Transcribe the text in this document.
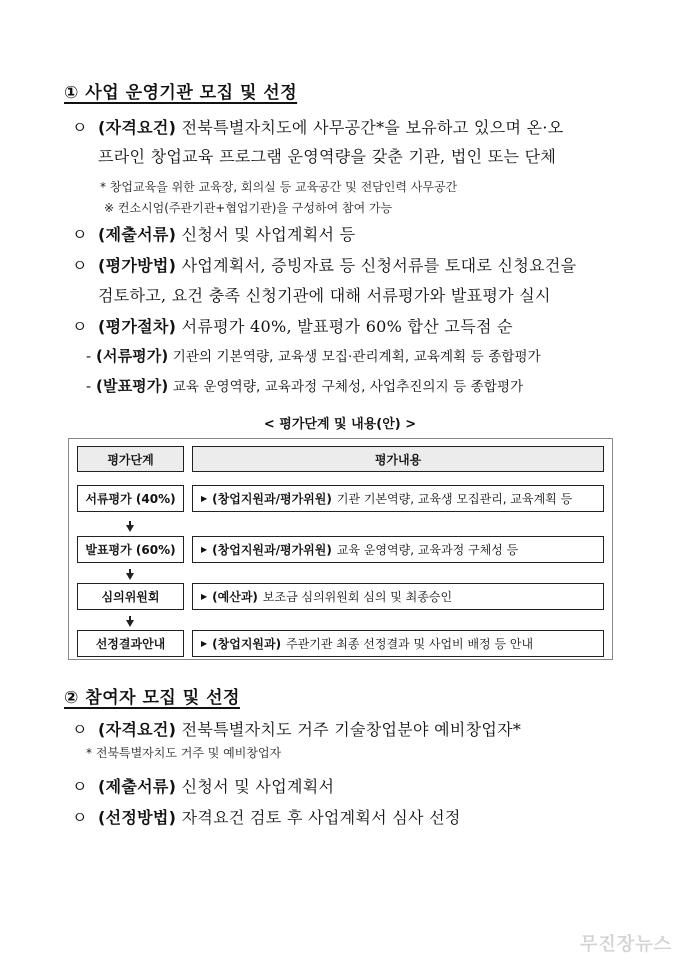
① 사업 운영기관 모집 및 선정
ㅇ (자격요건) 전북특별자치도에 사무공간*을 보유하고 있으며 온·오
프라인 창업교육 프로그램 운영역량을 갖춘 기관, 법인 또는 단체
* 창업교육을 위한 교육장, 회의실 등 교육공간 및 전담인력 사무공간
※ 컨소시엄(주관기관+협업기관)을 구성하여 참여 가능
ㅇ (제출서류) 신청서 및 사업계획서 등
ㅇ (평가방법) 사업계획서, 증빙자료 등 신청서류를 토대로 신청요건을
검토하고, 요건 충족 신청기관에 대해 서류평가와 발표평가 실시
ㅇ (평가절차) 서류평가 40%, 발표평가 60% 합산 고득점 순
- (서류평가) 기관의 기본역량, 교육생 모집·관리계획, 교육계획 등 종합평가
- (발표평가) 교육 운영역량, 교육과정 구체성, 사업추진의지 등 종합평가
< 평가단계 및 내용(안) >
평가단계	평가내용
서류평가 (40%)	▶ (창업지원과/평가위원) 기관 기본역량, 교육생 모집관리, 교육계획 등
발표평가 (60%)	▶ (창업지원과/평가위원) 교육 운영역량, 교육과정 구체성 등
심의위원회	▶ (예산과) 보조금 심의위원회 심의 및 최종승인
선정결과안내	▶ (창업지원과) 주관기관 최종 선정결과 및 사업비 배정 등 안내
② 참여자 모집 및 선정
ㅇ (자격요건) 전북특별자치도 거주 기술창업분야 예비창업자*
* 전북특별자치도 거주 및 예비창업자
ㅇ (제출서류) 신청서 및 사업계획서
ㅇ (선정방법) 자격요건 검토 후 사업계획서 심사 선정
무진장뉴스
